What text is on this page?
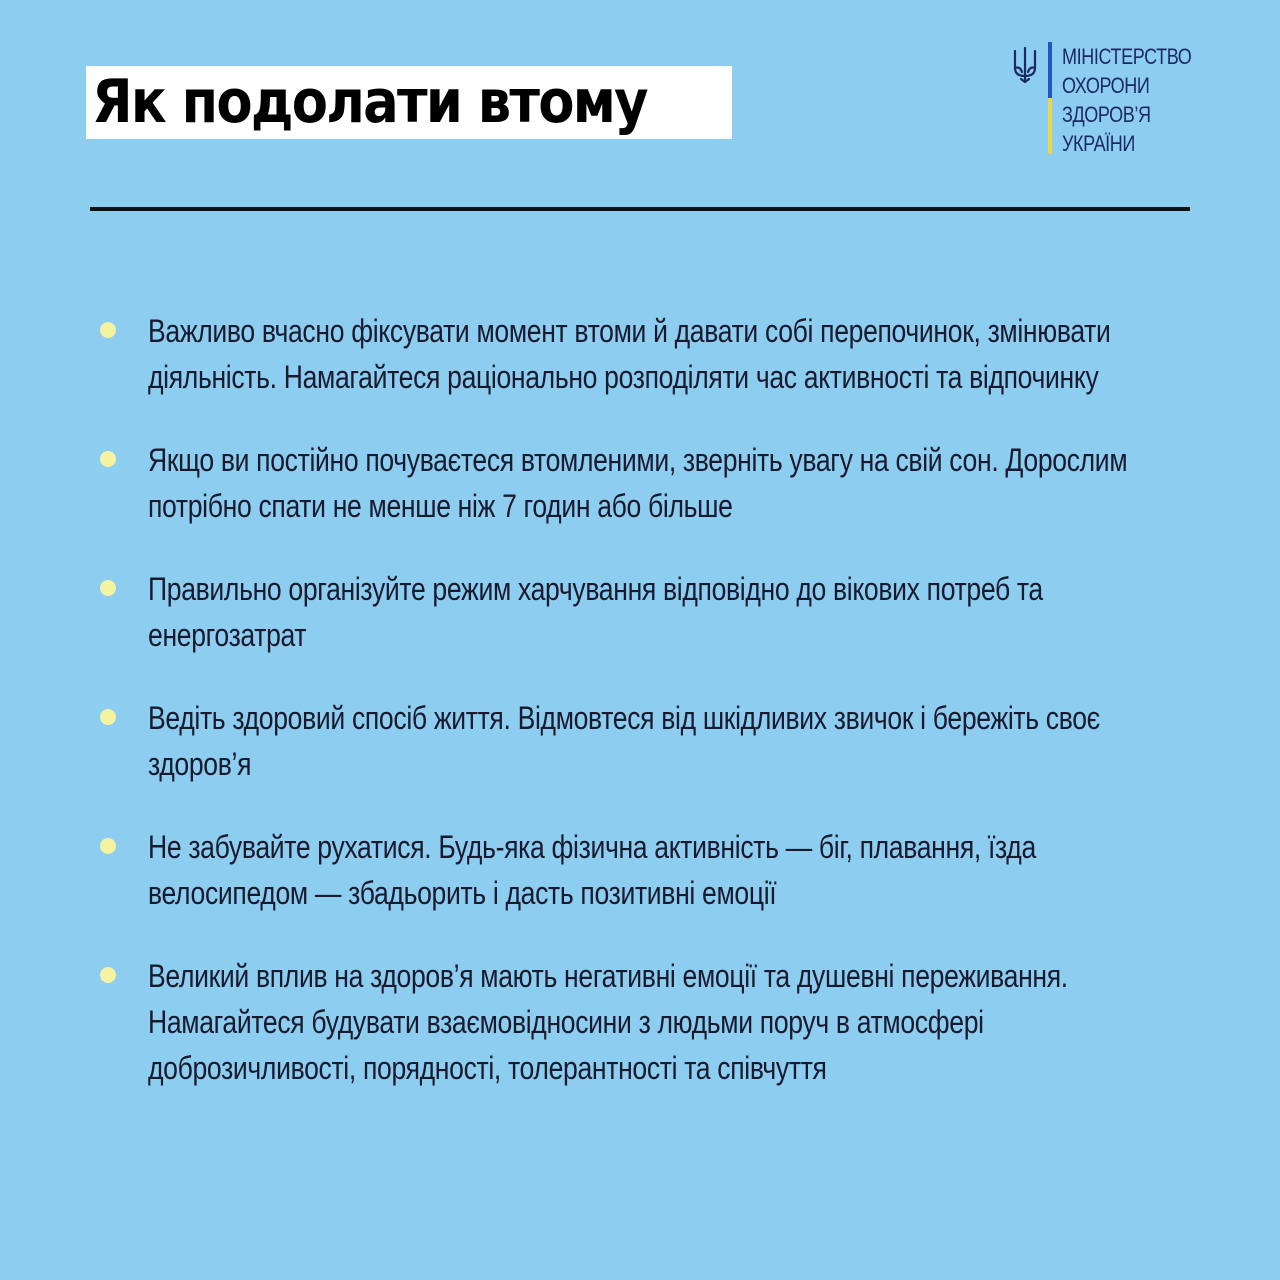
Як подолати втому
МІНІСТЕРСТВО
ОХОРОНИ
ЗДОРОВ’Я
УКРАЇНИ
Важливо вчасно фіксувати момент втоми й давати собі перепочинок, змінювати діяльність. Намагайтеся раціонально розподіляти час активності та відпочинку
Якщо ви постійно почуваєтеся втомленими, зверніть увагу на свій сон. Дорослим потрібно спати не менше ніж 7 годин або більше
Правильно організуйте режим харчування відповідно до вікових потреб та енергозатрат
Ведіть здоровий спосіб життя. Відмовтеся від шкідливих звичок і бережіть своє здоров’я
Не забувайте рухатися. Будь-яка фізична активність — біг, плавання, їзда велосипедом — збадьорить і дасть позитивні емоції
Великий вплив на здоров’я мають негативні емоції та душевні переживання. Намагайтеся будувати взаємовідносини з людьми поруч в атмосфері доброзичливості, порядності, толерантності та співчуття
